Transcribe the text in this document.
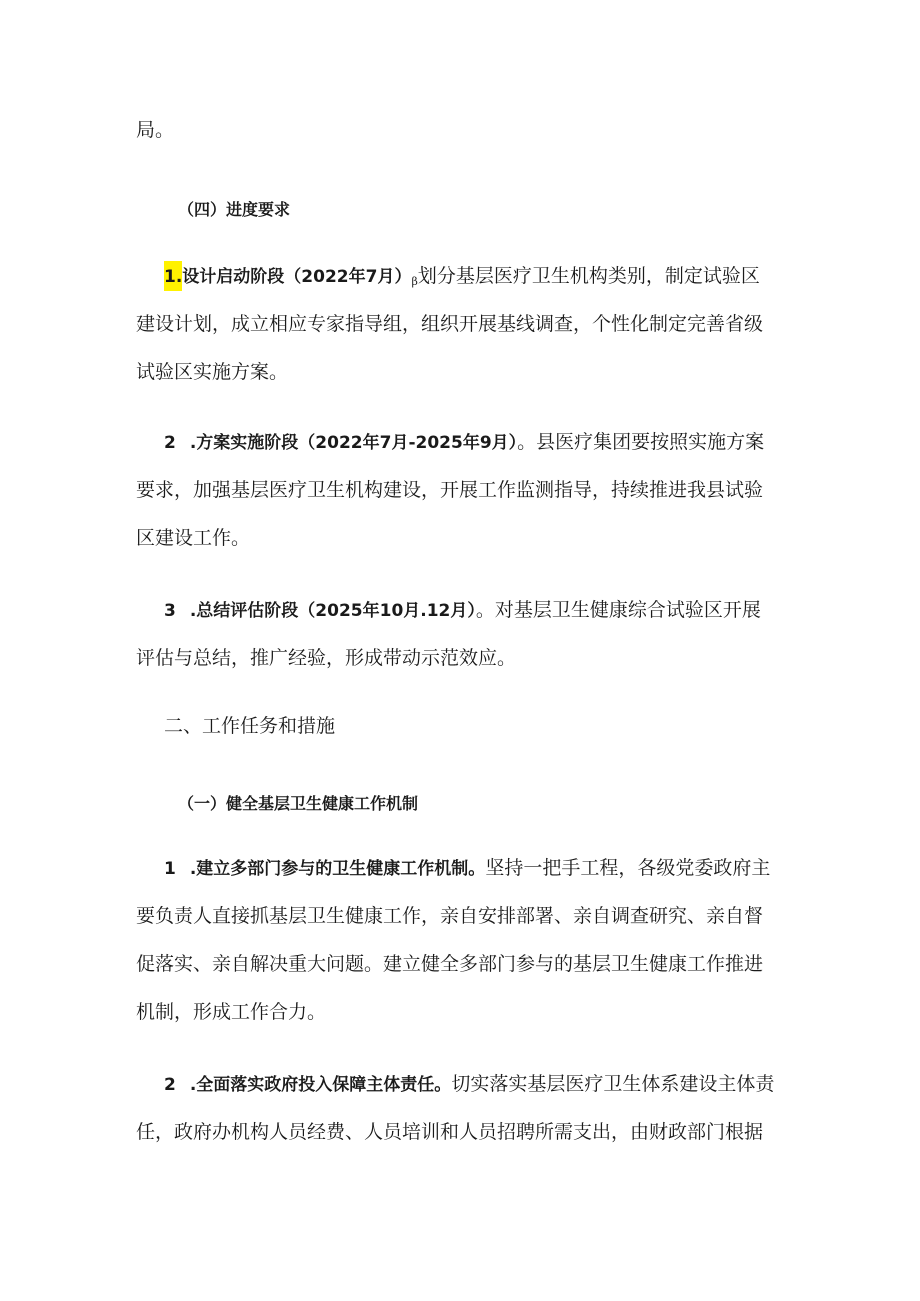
局。
（四）进度要求
1.设计启动阶段（2022年7月）β划分基层医疗卫生机构类别，制定试验区
建设计划，成立相应专家指导组，组织开展基线调查，个性化制定完善省级
试验区实施方案。
2 .方案实施阶段（2022年7月-2025年9月）。县医疗集团要按照实施方案
要求，加强基层医疗卫生机构建设，开展工作监测指导，持续推进我县试验
区建设工作。
3 .总结评估阶段（2025年10月.12月）。对基层卫生健康综合试验区开展
评估与总结，推广经验，形成带动示范效应。
二、工作任务和措施
（一）健全基层卫生健康工作机制
1 .建立多部门参与的卫生健康工作机制。坚持一把手工程，各级党委政府主
要负责人直接抓基层卫生健康工作，亲自安排部署、亲自调查研究、亲自督
促落实、亲自解决重大问题。建立健全多部门参与的基层卫生健康工作推进
机制，形成工作合力。
2 .全面落实政府投入保障主体责任。切实落实基层医疗卫生体系建设主体责
任，政府办机构人员经费、人员培训和人员招聘所需支出，由财政部门根据
